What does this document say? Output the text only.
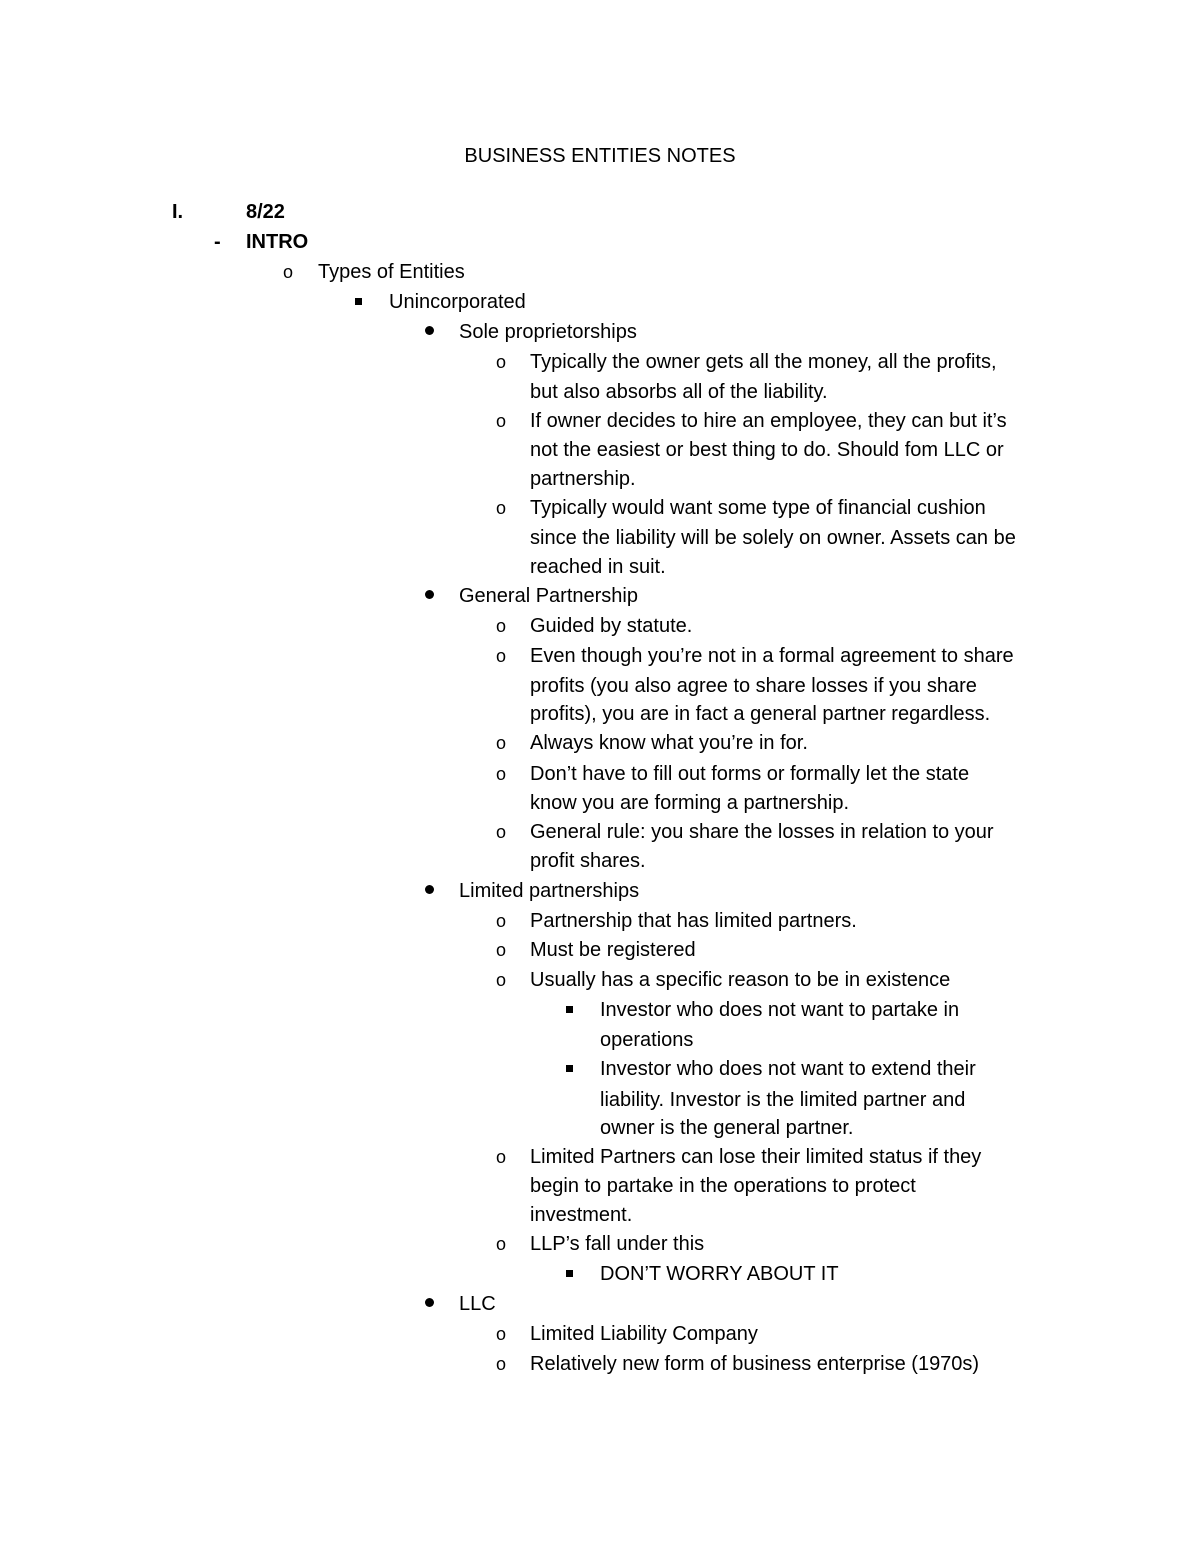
BUSINESS ENTITIES NOTES
I.	8/22
- INTRO
o Types of Entities
Unincorporated
Sole proprietorships
o Typically the owner gets all the money, all the profits,
but also absorbs all of the liability.
o If owner decides to hire an employee, they can but it’s
not the easiest or best thing to do. Should fom LLC or
partnership.
o Typically would want some type of financial cushion
since the liability will be solely on owner. Assets can be
reached in suit.
General Partnership
o Guided by statute.
o Even though you’re not in a formal agreement to share
profits (you also agree to share losses if you share
profits), you are in fact a general partner regardless.
o Always know what you’re in for.
o Don’t have to fill out forms or formally let the state
know you are forming a partnership.
o General rule: you share the losses in relation to your
profit shares.
Limited partnerships
o Partnership that has limited partners.
o Must be registered
o Usually has a specific reason to be in existence
Investor who does not want to partake in
operations
Investor who does not want to extend their
liability. Investor is the limited partner and
owner is the general partner.
o Limited Partners can lose their limited status if they
begin to partake in the operations to protect
investment.
o LLP’s fall under this
DON’T WORRY ABOUT IT
LLC
o Limited Liability Company
o Relatively new form of business enterprise (1970s)
